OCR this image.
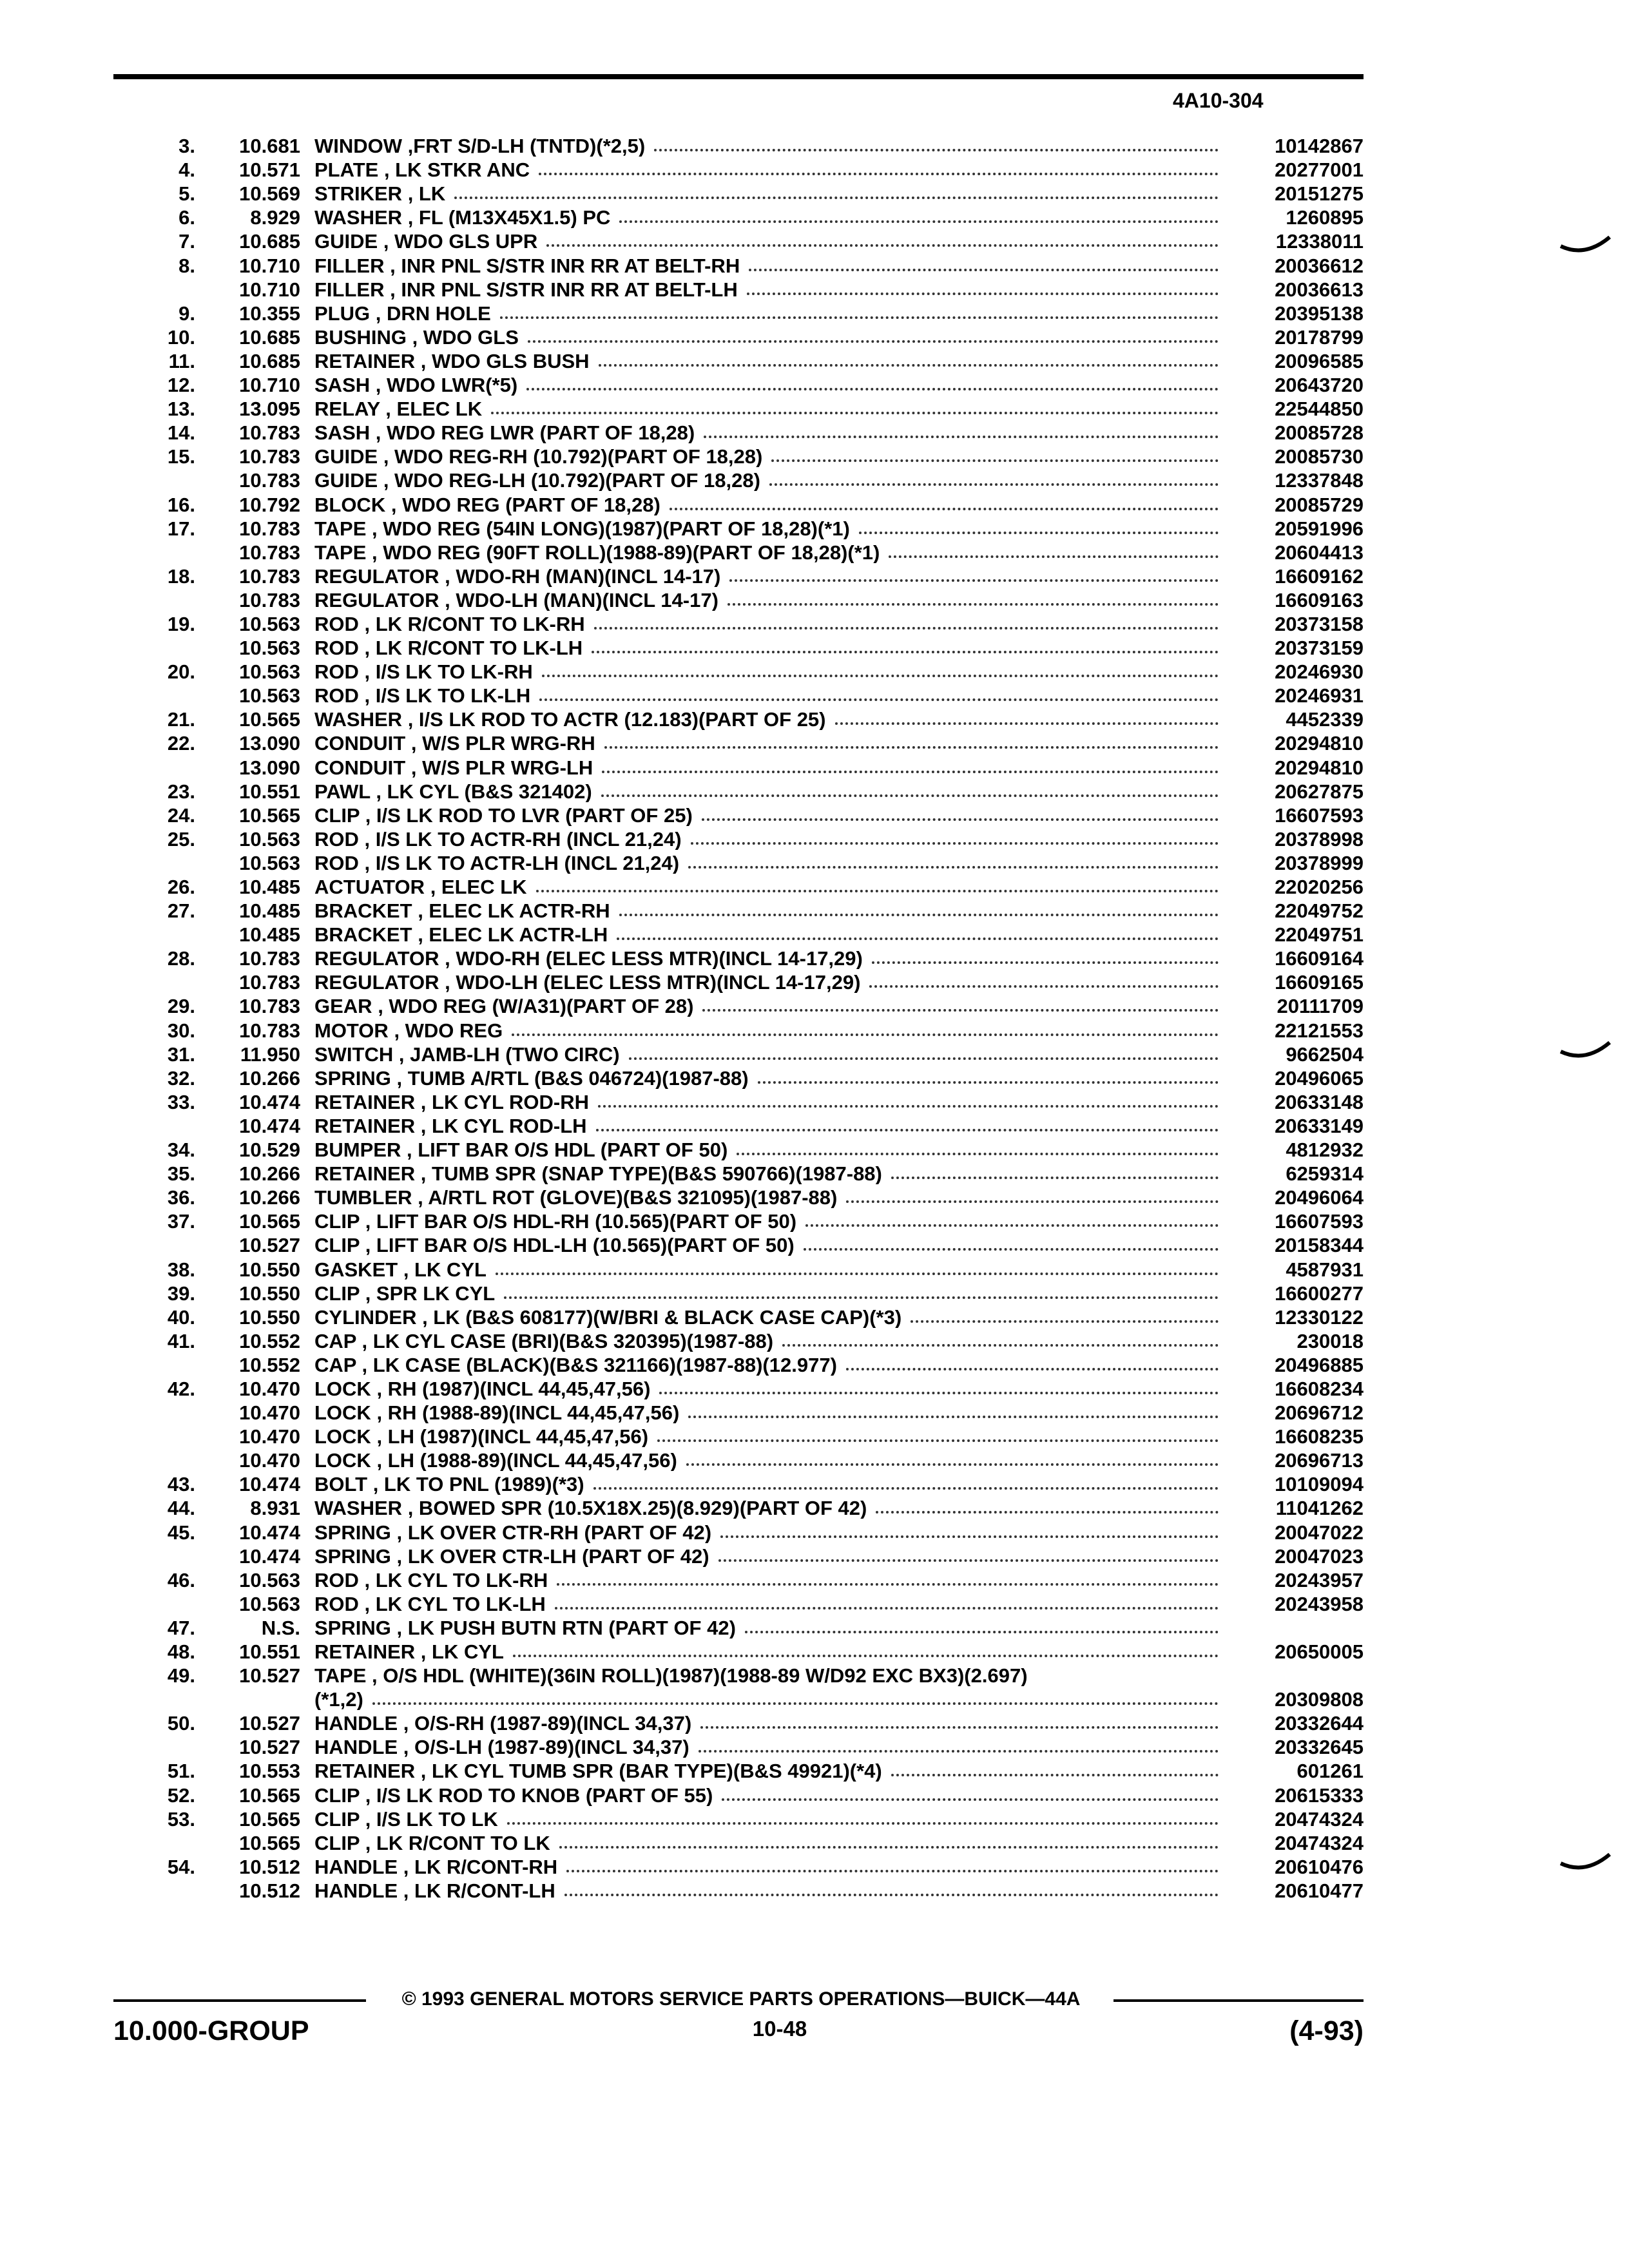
4A10-304
3.	10.681	WINDOW ,FRT S/D-LH (TNTD)(*2,5)	10142867
4.	10.571	PLATE , LK STKR ANC	20277001
5.	10.569	STRIKER , LK	20151275
6.	8.929	WASHER , FL (M13X45X1.5) PC	1260895
7.	10.685	GUIDE , WDO GLS UPR	12338011
8.	10.710	FILLER , INR PNL S/STR INR RR AT BELT-RH	20036612
	10.710	FILLER , INR PNL S/STR INR RR AT BELT-LH	20036613
9.	10.355	PLUG , DRN HOLE	20395138
10.	10.685	BUSHING , WDO GLS	20178799
11.	10.685	RETAINER , WDO GLS BUSH	20096585
12.	10.710	SASH , WDO LWR(*5)	20643720
13.	13.095	RELAY , ELEC LK	22544850
14.	10.783	SASH , WDO REG LWR (PART OF 18,28)	20085728
15.	10.783	GUIDE , WDO REG-RH (10.792)(PART OF 18,28)	20085730
	10.783	GUIDE , WDO REG-LH (10.792)(PART OF 18,28)	12337848
16.	10.792	BLOCK , WDO REG (PART OF 18,28)	20085729
17.	10.783	TAPE , WDO REG (54IN LONG)(1987)(PART OF 18,28)(*1)	20591996
	10.783	TAPE , WDO REG (90FT ROLL)(1988-89)(PART OF 18,28)(*1)	20604413
18.	10.783	REGULATOR , WDO-RH (MAN)(INCL 14-17)	16609162
	10.783	REGULATOR , WDO-LH (MAN)(INCL 14-17)	16609163
19.	10.563	ROD , LK R/CONT TO LK-RH	20373158
	10.563	ROD , LK R/CONT TO LK-LH	20373159
20.	10.563	ROD , I/S LK TO LK-RH	20246930
	10.563	ROD , I/S LK TO LK-LH	20246931
21.	10.565	WASHER , I/S LK ROD TO ACTR (12.183)(PART OF 25)	4452339
22.	13.090	CONDUIT , W/S PLR WRG-RH	20294810
	13.090	CONDUIT , W/S PLR WRG-LH	20294810
23.	10.551	PAWL , LK CYL (B&S 321402)	20627875
24.	10.565	CLIP , I/S LK ROD TO LVR (PART OF 25)	16607593
25.	10.563	ROD , I/S LK TO ACTR-RH (INCL 21,24)	20378998
	10.563	ROD , I/S LK TO ACTR-LH (INCL 21,24)	20378999
26.	10.485	ACTUATOR , ELEC LK	22020256
27.	10.485	BRACKET , ELEC LK ACTR-RH	22049752
	10.485	BRACKET , ELEC LK ACTR-LH	22049751
28.	10.783	REGULATOR , WDO-RH (ELEC LESS MTR)(INCL 14-17,29)	16609164
	10.783	REGULATOR , WDO-LH (ELEC LESS MTR)(INCL 14-17,29)	16609165
29.	10.783	GEAR , WDO REG (W/A31)(PART OF 28)	20111709
30.	10.783	MOTOR , WDO REG	22121553
31.	11.950	SWITCH , JAMB-LH (TWO CIRC)	9662504
32.	10.266	SPRING , TUMB A/RTL (B&S 046724)(1987-88)	20496065
33.	10.474	RETAINER , LK CYL ROD-RH	20633148
	10.474	RETAINER , LK CYL ROD-LH	20633149
34.	10.529	BUMPER , LIFT BAR O/S HDL (PART OF 50)	4812932
35.	10.266	RETAINER , TUMB SPR (SNAP TYPE)(B&S 590766)(1987-88)	6259314
36.	10.266	TUMBLER , A/RTL ROT (GLOVE)(B&S 321095)(1987-88)	20496064
37.	10.565	CLIP , LIFT BAR O/S HDL-RH (10.565)(PART OF 50)	16607593
	10.527	CLIP , LIFT BAR O/S HDL-LH (10.565)(PART OF 50)	20158344
38.	10.550	GASKET , LK CYL	4587931
39.	10.550	CLIP , SPR LK CYL	16600277
40.	10.550	CYLINDER , LK (B&S 608177)(W/BRI & BLACK CASE CAP)(*3)	12330122
41.	10.552	CAP , LK CYL CASE (BRI)(B&S 320395)(1987-88)	230018
	10.552	CAP , LK CASE (BLACK)(B&S 321166)(1987-88)(12.977)	20496885
42.	10.470	LOCK , RH (1987)(INCL 44,45,47,56)	16608234
	10.470	LOCK , RH (1988-89)(INCL 44,45,47,56)	20696712
	10.470	LOCK , LH (1987)(INCL 44,45,47,56)	16608235
	10.470	LOCK , LH (1988-89)(INCL 44,45,47,56)	20696713
43.	10.474	BOLT , LK TO PNL (1989)(*3)	10109094
44.	8.931	WASHER , BOWED SPR (10.5X18X.25)(8.929)(PART OF 42)	11041262
45.	10.474	SPRING , LK OVER CTR-RH (PART OF 42)	20047022
	10.474	SPRING , LK OVER CTR-LH (PART OF 42)	20047023
46.	10.563	ROD , LK CYL TO LK-RH	20243957
	10.563	ROD , LK CYL TO LK-LH	20243958
47.	N.S.	SPRING , LK PUSH BUTN RTN (PART OF 42)	

48.	10.551	RETAINER , LK CYL	20650005
49.	10.527	TAPE , O/S HDL (WHITE)(36IN ROLL)(1987)(1988-89 W/D92 EXC BX3)(2.697)	

		(*1,2)	20309808
50.	10.527	HANDLE , O/S-RH (1987-89)(INCL 34,37)	20332644
	10.527	HANDLE , O/S-LH (1987-89)(INCL 34,37)	20332645
51.	10.553	RETAINER , LK CYL TUMB SPR (BAR TYPE)(B&S 49921)(*4)	601261
52.	10.565	CLIP , I/S LK ROD TO KNOB (PART OF 55)	20615333
53.	10.565	CLIP , I/S LK TO LK	20474324
	10.565	CLIP , LK R/CONT TO LK	20474324
54.	10.512	HANDLE , LK R/CONT-RH	20610476
	10.512	HANDLE , LK R/CONT-LH	20610477
© 1993 GENERAL MOTORS SERVICE PARTS OPERATIONS—BUICK—44A
10.000-GROUP	10-48	(4-93)
